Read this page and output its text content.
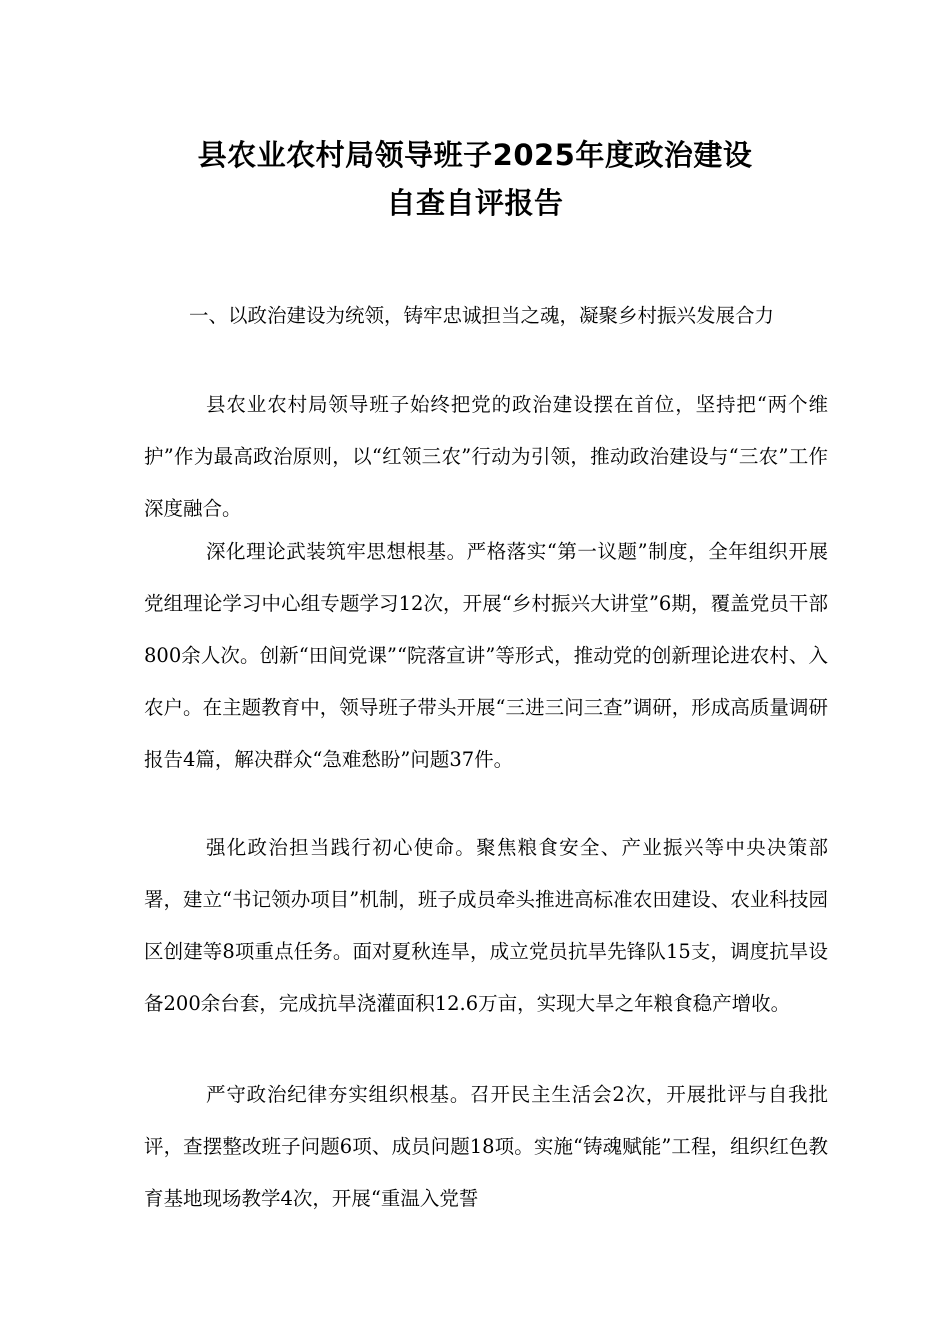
县农业农村局领导班子2025年度政治建设
自查自评报告

一、以政治建设为统领，铸牢忠诚担当之魂，凝聚乡村振兴发展合力

县农业农村局领导班子始终把党的政治建设摆在首位，坚持把“两个维护”作为最高政治原则，以“红领三农”行动为引领，推动政治建设与“三农”工作深度融合。

深化理论武装筑牢思想根基。严格落实“第一议题”制度，全年组织开展党组理论学习中心组专题学习12次，开展“乡村振兴大讲堂”6期，覆盖党员干部800余人次。创新“田间党课”“院落宣讲”等形式，推动党的创新理论进农村、入农户。在主题教育中，领导班子带头开展“三进三问三查”调研，形成高质量调研报告4篇，解决群众“急难愁盼”问题37件。

强化政治担当践行初心使命。聚焦粮食安全、产业振兴等中央决策部署，建立“书记领办项目”机制，班子成员牵头推进高标准农田建设、农业科技园区创建等8项重点任务。面对夏秋连旱，成立党员抗旱先锋队15支，调度抗旱设备200余台套，完成抗旱浇灌面积12.6万亩，实现大旱之年粮食稳产增收。

严守政治纪律夯实组织根基。召开民主生活会2次，开展批评与自我批评，查摆整改班子问题6项、成员问题18项。实施“铸魂赋能”工程，组织红色教育基地现场教学4次，开展“重温入党誓
